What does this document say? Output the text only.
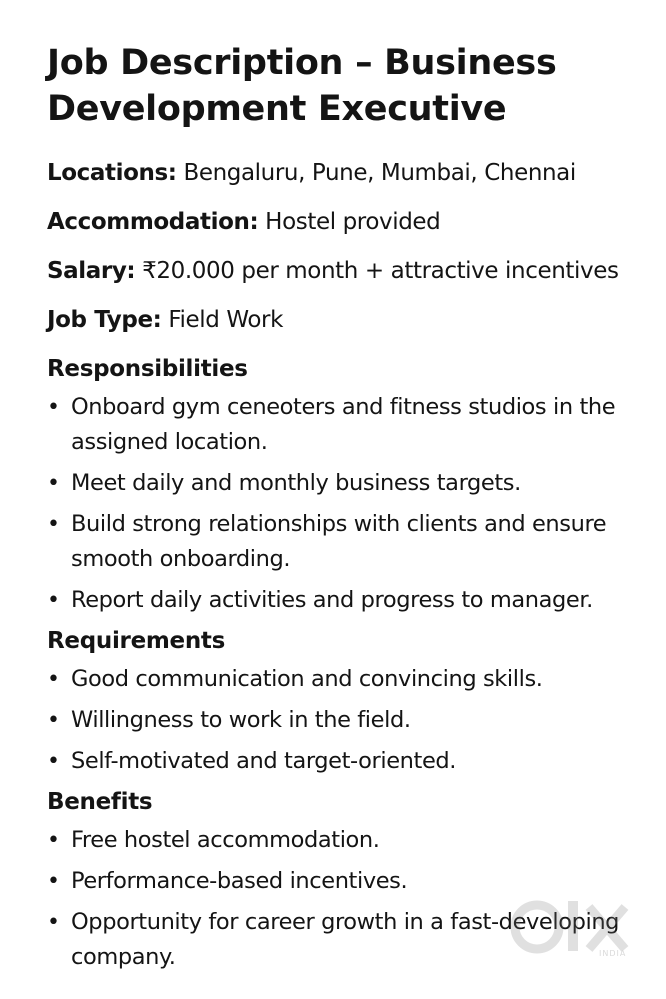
Job Description – Business Development Executive
Locations: Bengaluru, Pune, Mumbai, Chennai
Accommodation: Hostel provided
Salary: ₹20.000 per month + attractive incentives
Job Type: Field Work
Responsibilities
• Onboard gym ceneoters and fitness studios in the assigned location.
• Meet daily and monthly business targets.
• Build strong relationships with clients and ensure smooth onboarding.
• Report daily activities and progress to manager.
Requirements
• Good communication and convincing skills.
• Willingness to work in the field.
• Self-motivated and target-oriented.
Benefits
• Free hostel accommodation.
• Performance-based incentives.
• Opportunity for career growth in a fast-developing company.	INDIA
